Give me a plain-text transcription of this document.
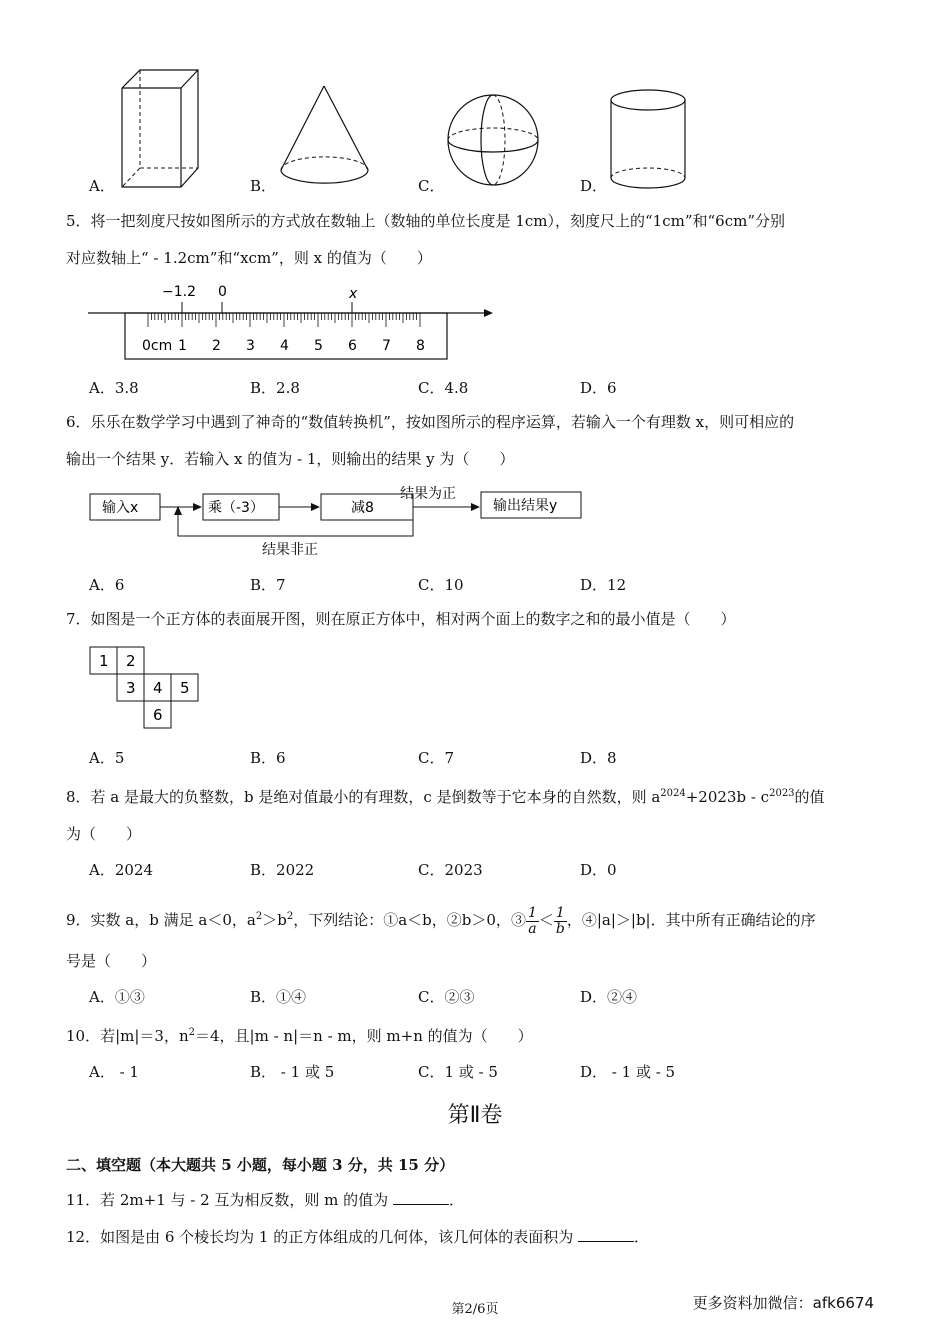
A．	B．	C．	D．
5．将一把刻度尺按如图所示的方式放在数轴上（数轴的单位长度是 1cm），刻度尺上的“1cm”和“6cm”分别
对应数轴上“ ‑ 1.2cm”和“xcm”，则 x 的值为（　　）
−1.2 0	x
0cm 1 2 3 4 5 6 7 8
A．3.8	B．2.8	C．4.8	D．6
6．乐乐在数学学习中遇到了神奇的“数值转换机”，按如图所示的程序运算，若输入一个有理数 x，则可相应的
输出一个结果 y．若输入 x 的值为 ‑ 1，则输出的结果 y 为（　　）
输入x	乘（-3）	减8
结果为正
输出结果y
结果非正
A．6	B．7	C．10	D．12
7．如图是一个正方体的表面展开图，则在原正方体中，相对两个面上的数字之和的最小值是（　　）
1 2
3 4 5
6
A．5	B．6	C．7	D．8
8．若 a 是最大的负整数，b 是绝对值最小的有理数，c 是倒数等于它本身的自然数，则 $a^{2024}+2023b$ ‑ $c^{2023}$的值
为（　　）
A．2024	B．2022	C．2023	D．0
9．实数 a，b 满足 a＜0，$a^2>b^2$，下列结论：①a＜b，②b＞0，③ $\frac{1}{a} < \frac{1}{b}$ ，④|a|＞|b|．其中所有正确结论的序
号是（　　）
A．①③	B．①④	C．②③	D．②④
10．若|m|＝3，$n^2=4$，且|m ‑ n|＝n ‑ m，则 m+n 的值为（　　）
A． ‑ 1	B． ‑ 1 或 5	C．1 或 ‑ 5	D． ‑ 1 或 ‑ 5
第Ⅱ卷
二、填空题（本大题共 5 小题，每小题 3 分，共 15 分）
11．若 2m+1 与 ‑ 2 互为相反数，则 m 的值为	．
12．如图是由 6 个棱长均为 1 的正方体组成的几何体，该几何体的表面积为	．
第2/6页	更多资料加微信：afk6674
